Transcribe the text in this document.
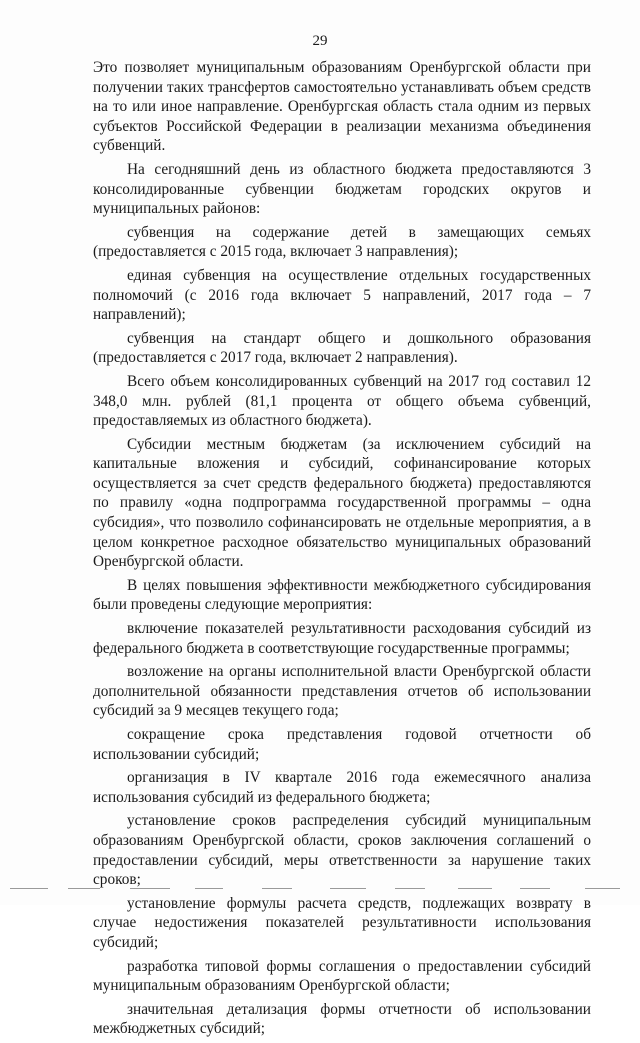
29

Это позволяет муниципальным образованиям Оренбургской области при получении таких трансфертов самостоятельно устанавливать объем средств на то или иное направление. Оренбургская область стала одним из первых субъектов Российской Федерации в реализации механизма объединения субвенций.

На сегодняшний день из областного бюджета предоставляются 3 консолидированные субвенции бюджетам городских округов и муниципальных районов:

субвенция на содержание детей в замещающих семьях (предоставляется с 2015 года, включает 3 направления);

единая субвенция на осуществление отдельных государственных полномочий (с 2016 года включает 5 направлений, 2017 года – 7 направлений);

субвенция на стандарт общего и дошкольного образования (предоставляется с 2017 года, включает 2 направления).

Всего объем консолидированных субвенций на 2017 год составил 12 348,0 млн. рублей (81,1 процента от общего объема субвенций, предоставляемых из областного бюджета).

Субсидии местным бюджетам (за исключением субсидий на капитальные вложения и субсидий, софинансирование которых осуществляется за счет средств федерального бюджета) предоставляются по правилу «одна подпрограмма государственной программы – одна субсидия», что позволило софинансировать не отдельные мероприятия, а в целом конкретное расходное обязательство муниципальных образований Оренбургской области.

В целях повышения эффективности межбюджетного субсидирования были проведены следующие мероприятия:

включение показателей результативности расходования субсидий из федерального бюджета в соответствующие государственные программы;

возложение на органы исполнительной власти Оренбургской области дополнительной обязанности представления отчетов об использовании субсидий за 9 месяцев текущего года;

сокращение срока представления годовой отчетности об использовании субсидий;

организация в IV квартале 2016 года ежемесячного анализа использования субсидий из федерального бюджета;

установление сроков распределения субсидий муниципальным образованиям Оренбургской области, сроков заключения соглашений о предоставлении субсидий, меры ответственности за нарушение таких сроков;

установление формулы расчета средств, подлежащих возврату в случае недостижения показателей результативности использования субсидий;

разработка типовой формы соглашения о предоставлении субсидий муниципальным образованиям Оренбургской области;

значительная детализация формы отчетности об использовании межбюджетных субсидий;
